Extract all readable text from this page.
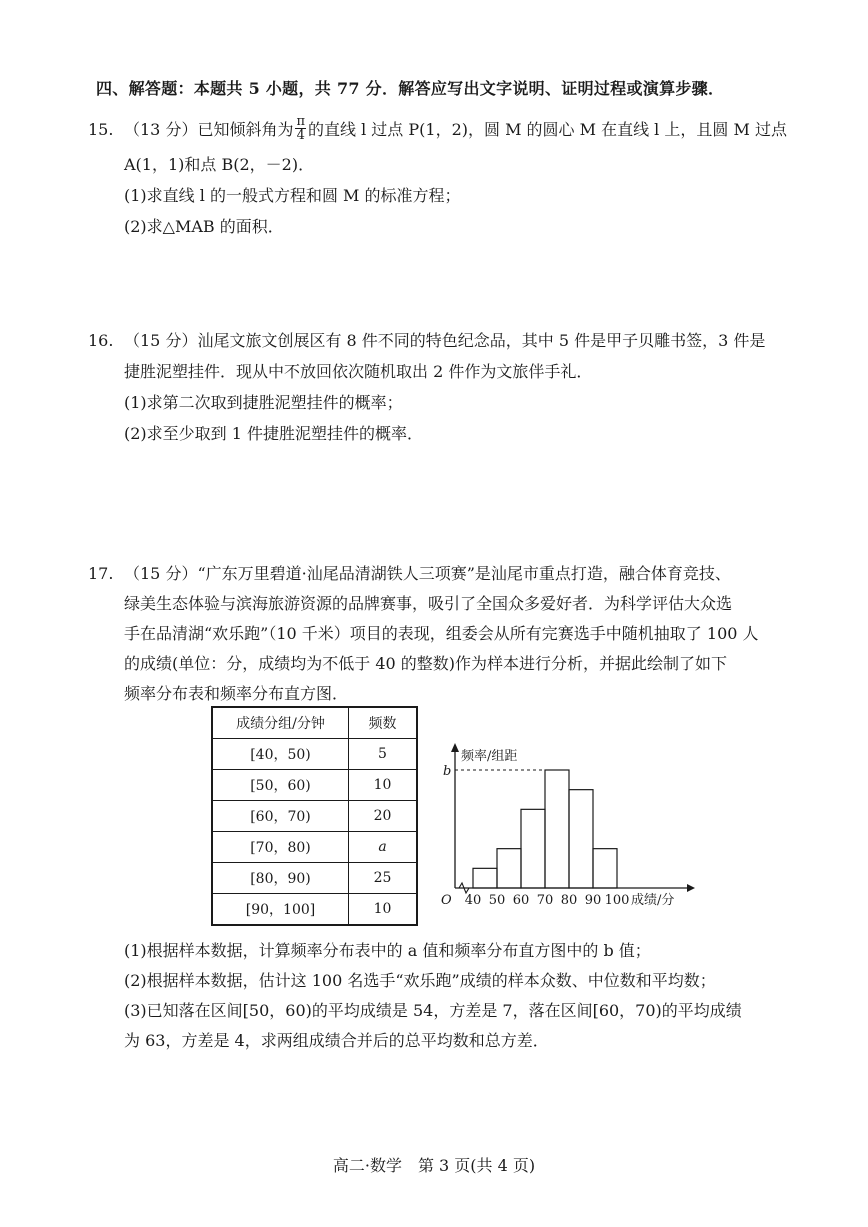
四、解答题：本题共 5 小题，共 77 分．解答应写出文字说明、证明过程或演算步骤．
15. （13 分）已知倾斜角为 $\frac{\pi}{4}$ 的直线 l 过点 P(1，2)，圆 M 的圆心 M 在直线 l 上，且圆 M 过点
A(1，1)和点 B(2，－2)．
(1)求直线 l 的一般式方程和圆 M 的标准方程；
(2)求△MAB 的面积．
16. （15 分）汕尾文旅文创展区有 8 件不同的特色纪念品，其中 5 件是甲子贝雕书签，3 件是
捷胜泥塑挂件．现从中不放回依次随机取出 2 件作为文旅伴手礼．
(1)求第二次取到捷胜泥塑挂件的概率；
(2)求至少取到 1 件捷胜泥塑挂件的概率．
17. （15 分）“广东万里碧道·汕尾品清湖铁人三项赛”是汕尾市重点打造，融合体育竞技、
绿美生态体验与滨海旅游资源的品牌赛事，吸引了全国众多爱好者．为科学评估大众选
手在品清湖“欢乐跑”（10 千米）项目的表现，组委会从所有完赛选手中随机抽取了 100 人
的成绩(单位：分，成绩均为不低于 40 的整数)作为样本进行分析，并据此绘制了如下
频率分布表和频率分布直方图．
成绩分组/分钟	频数
[40，50)	5
[50，60)	10
[60，70)	20
[70，80)	a
[80，90)	25
[90，100]	10
b
40 50 60 70 80 90 100 成绩/分
频率/组距
O
(1)根据样本数据，计算频率分布表中的 a 值和频率分布直方图中的 b 值；
(2)根据样本数据，估计这 100 名选手“欢乐跑”成绩的样本众数、中位数和平均数；
(3)已知落在区间[50，60)的平均成绩是 54，方差是 7，落在区间[60，70)的平均成绩
为 63，方差是 4，求两组成绩合并后的总平均数和总方差．
高二·数学　第 3 页(共 4 页)
